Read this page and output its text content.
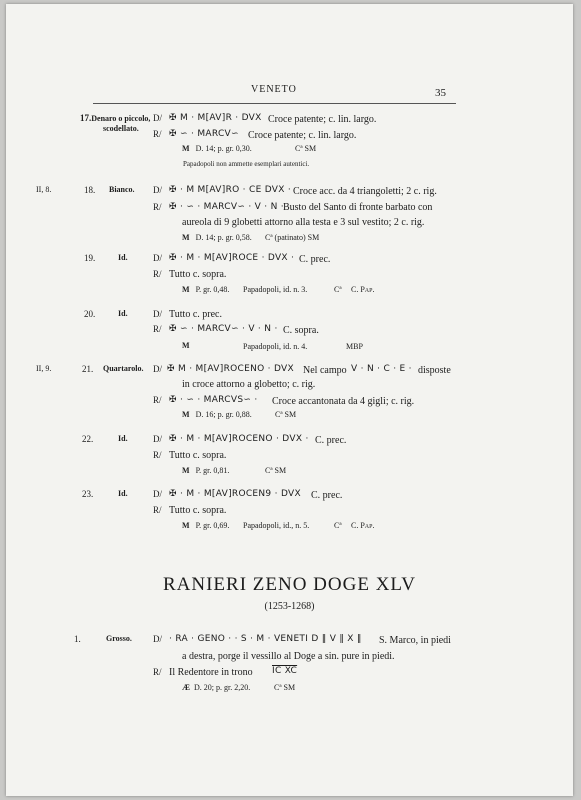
VENETO	35
17.Denaro o piccolo,
scodellato.
D/ ✠ M · M[AV]R · DVX Croce patente; c. lin. largo.
R/ ✠ ∽ · MARCV∽ Croce patente; c. lin. largo.
M D. 14; p. gr. 0,30.	Cª SM
Papadopoli non ammette esemplari autentici.
II, 8.	18. Bianco. D/ ✠ · M M[AV]RO · CE DVX · Croce acc. da 4 triangoletti; 2 c. rig.
R/ ✠ · ∽ · MARCV∽ · V · N · Busto del Santo di fronte barbato con
aureola di 9 globetti attorno alla testa e 3 sul vestito; 2 c. rig.
M D. 14; p. gr. 0,58. Cª (patinato) SM
19.	Id.	D/ ✠ · M · M[AV]ROCE · DVX · C. prec.
R/ Tutto c. sopra.
M P. gr. 0,48. Papadopoli, id. n. 3.	Cª C. Pap.
20.	Id.	D/ Tutto c. prec.
R/ ✠ ∽ · MARCV∽ · V · N · C. sopra.
M	Papadopoli, id. n. 4.	MBP
II, 9.	21. Quartarolo. D/ ✠ M · M[AV]ROCENO · DVX Nel campo V · N · C · E · disposte
in croce attorno a globetto; c. rig.
R/ ✠ · ∽ · MARCVS∽ · Croce accantonata da 4 gigli; c. rig.
M D. 16; p. gr. 0,88.	Cª SM
22.	Id.	D/ ✠ · M · M[AV]ROCENO · DVX · C. prec.
R/ Tutto c. sopra.
M P. gr. 0,81.	Cª SM
23.	Id.	D/ ✠ · M · M[AV]ROCEN9 · DVX C. prec.
R/ Tutto c. sopra.
M P. gr. 0,69. Papadopoli, id., n. 5.	Cª C. Pap.
RANIERI ZENO DOGE XLV
(1253-1268)
1.	Grosso. D/ · RA · GENO · · S · M · VENETI D ‖ V ‖ X ‖ S. Marco, in piedi
a destra, porge il vessillo al Doge a sin. pure in piedi.
R/ Il Redentore in trono IC XC
Æ D. 20; p. gr. 2,20.	Cª SM
